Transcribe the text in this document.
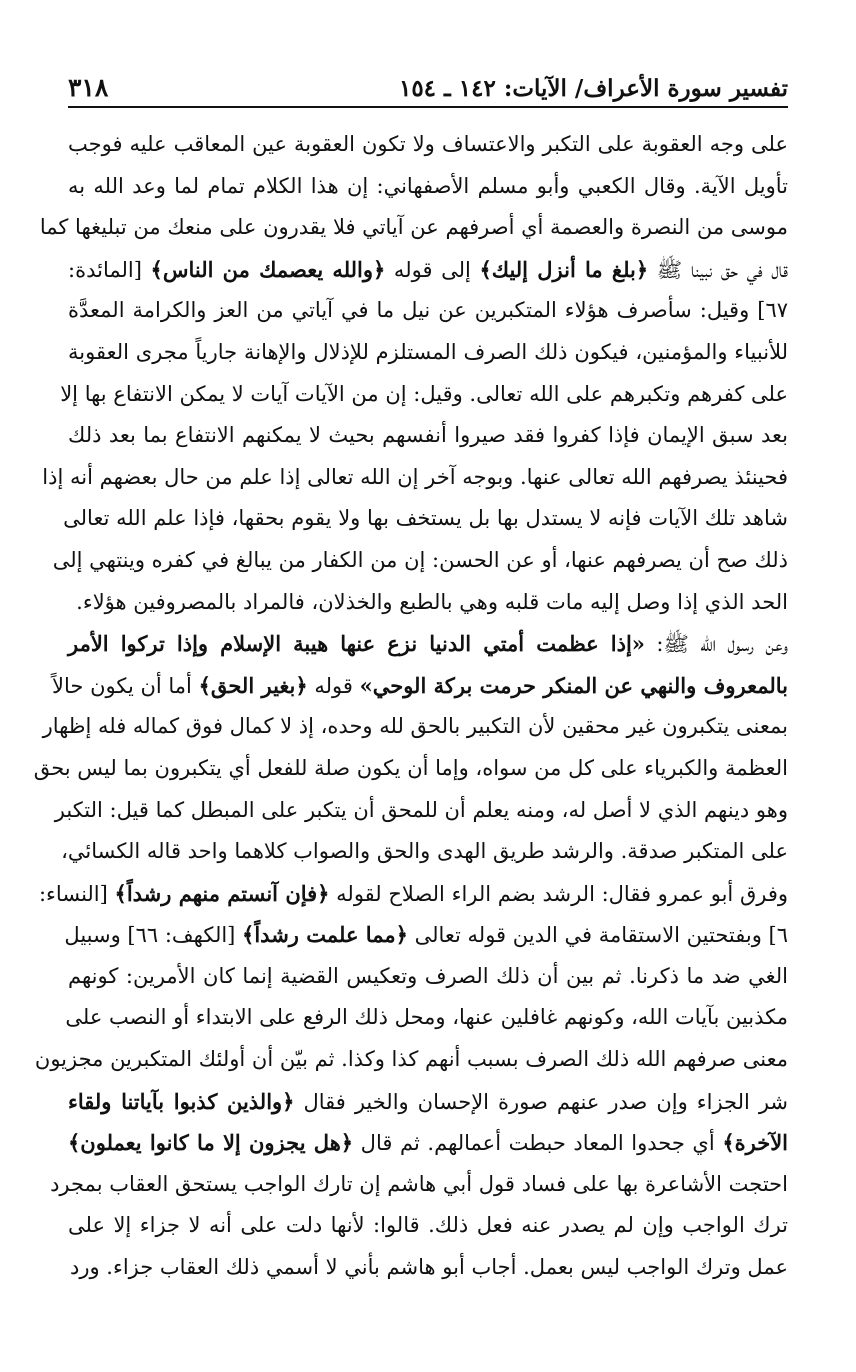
تفسير سورة الأعراف/ الآيات: ١٤٢ ـ ١٥٤
٣١٨
على وجه العقوبة على التكبر والاعتساف ولا تكون العقوبة عين المعاقب عليه فوجب
تأويل الآية. وقال الكعبي وأبو مسلم الأصفهاني: إن هذا الكلام تمام لما وعد الله به
موسى من النصرة والعصمة أي أصرفهم عن آياتي فلا يقدرون على منعك من تبليغها كما
قال في حق نبينا ﷺ ﴿بلغ ما أنزل إليك﴾ إلى قوله ﴿والله يعصمك من الناس﴾ [المائدة:
٦٧] وقيل: سأصرف هؤلاء المتكبرين عن نيل ما في آياتي من العز والكرامة المعدَّة
للأنبياء والمؤمنين، فيكون ذلك الصرف المستلزم للإذلال والإهانة جارياً مجرى العقوبة
على كفرهم وتكبرهم على الله تعالى. وقيل: إن من الآيات آيات لا يمكن الانتفاع بها إلا
بعد سبق الإيمان فإذا كفروا فقد صيروا أنفسهم بحيث لا يمكنهم الانتفاع بما بعد ذلك
فحينئذ يصرفهم الله تعالى عنها. وبوجه آخر إن الله تعالى إذا علم من حال بعضهم أنه إذا
شاهد تلك الآيات فإنه لا يستدل بها بل يستخف بها ولا يقوم بحقها، فإذا علم الله تعالى
ذلك صح أن يصرفهم عنها، أو عن الحسن: إن من الكفار من يبالغ في كفره وينتهي إلى
الحد الذي إذا وصل إليه مات قلبه وهي بالطبع والخذلان، فالمراد بالمصروفين هؤلاء.
وعن رسول الله ﷺ: «إذا عظمت أمتي الدنيا نزع عنها هيبة الإسلام وإذا تركوا الأمر
بالمعروف والنهي عن المنكر حرمت بركة الوحي» قوله ﴿بغير الحق﴾ أما أن يكون حالاً
بمعنى يتكبرون غير محقين لأن التكبير بالحق لله وحده، إذ لا كمال فوق كماله فله إظهار
العظمة والكبرياء على كل من سواه، وإما أن يكون صلة للفعل أي يتكبرون بما ليس بحق
وهو دينهم الذي لا أصل له، ومنه يعلم أن للمحق أن يتكبر على المبطل كما قيل: التكبر
على المتكبر صدقة. والرشد طريق الهدى والحق والصواب كلاهما واحد قاله الكسائي،
وفرق أبو عمرو فقال: الرشد بضم الراء الصلاح لقوله ﴿فإن آنستم منهم رشداً﴾ [النساء:
٦] وبفتحتين الاستقامة في الدين قوله تعالى ﴿مما علمت رشداً﴾ [الكهف: ٦٦] وسبيل
الغي ضد ما ذكرنا. ثم بين أن ذلك الصرف وتعكيس القضية إنما كان الأمرين: كونهم
مكذبين بآيات الله، وكونهم غافلين عنها، ومحل ذلك الرفع على الابتداء أو النصب على
معنى صرفهم الله ذلك الصرف بسبب أنهم كذا وكذا. ثم بيّن أن أولئك المتكبرين مجزيون
شر الجزاء وإن صدر عنهم صورة الإحسان والخير فقال ﴿والذين كذبوا بآياتنا ولقاء
الآخرة﴾ أي جحدوا المعاد حبطت أعمالهم. ثم قال ﴿هل يجزون إلا ما كانوا يعملون﴾
احتجت الأشاعرة بها على فساد قول أبي هاشم إن تارك الواجب يستحق العقاب بمجرد
ترك الواجب وإن لم يصدر عنه فعل ذلك. قالوا: لأنها دلت على أنه لا جزاء إلا على
عمل وترك الواجب ليس بعمل. أجاب أبو هاشم بأني لا أسمي ذلك العقاب جزاء. ورد
